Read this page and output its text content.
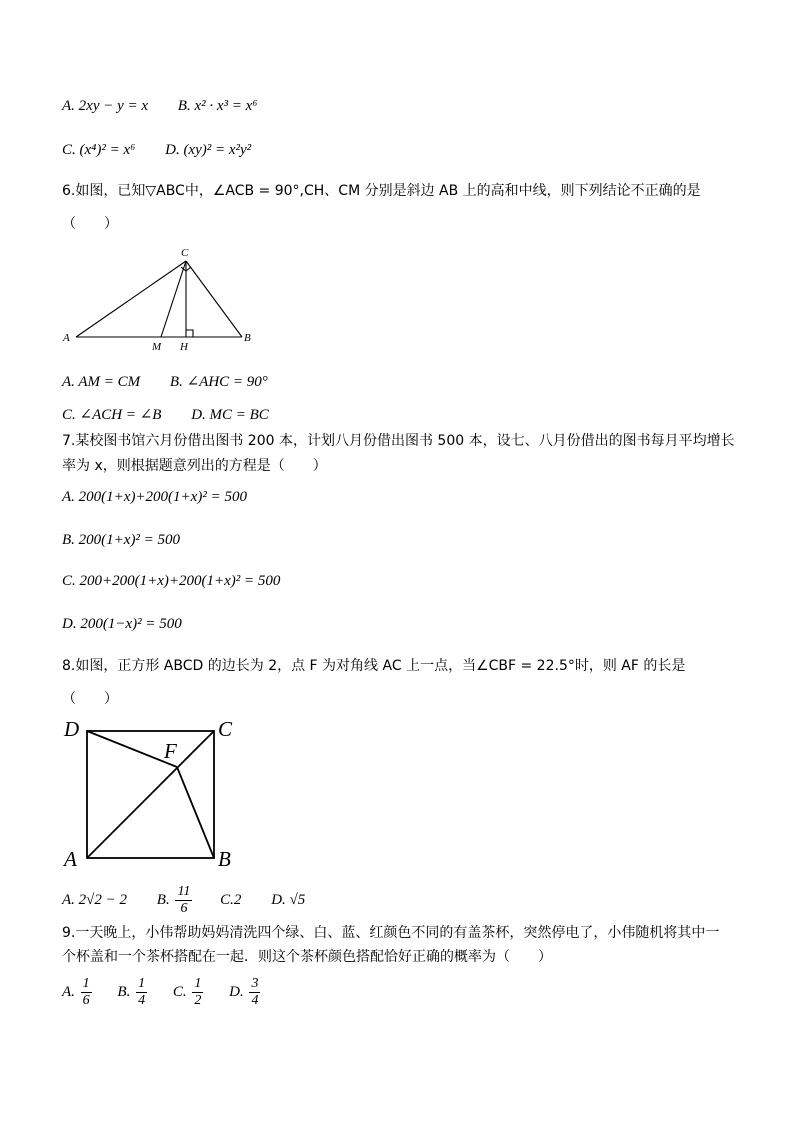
A. 2xy − y = x B. x² · x³ = x⁶
C. (x⁴)² = x⁶ D. (xy)² = x²y²
6.如图，已知▽ABC中，∠ACB = 90°,CH、CM 分别是斜边 AB 上的高和中线，则下列结论不正确的是
（　　）
C
A	B
M H
A. AM = CM B. ∠AHC = 90°
C. ∠ACH = ∠B D. MC = BC
7.某校图书馆六月份借出图书 200 本，计划八月份借出图书 500 本，设七、八月份借出的图书每月平均增长
率为 x，则根据题意列出的方程是（　　）
A. 200(1+x)+200(1+x)² = 500
B. 200(1+x)² = 500
C. 200+200(1+x)+200(1+x)² = 500
D. 200(1−x)² = 500
8.如图，正方形 ABCD 的边长为 2，点 F 为对角线 AC 上一点，当∠CBF = 22.5°时，则 AF 的长是
（　　）
D	C
F
A	B
A. 2√2 − 2 B. $\frac{11}{6} C.2$ D. √5
9.一天晚上，小伟帮助妈妈清洗四个绿、白、蓝、红颜色不同的有盖茶杯，突然停电了，小伟随机将其中一
个杯盖和一个茶杯搭配在一起．则这个茶杯颜色搭配恰好正确的概率为（　　）
A. $\frac{1}{6} B$. $\frac{1}{4} C$. $\frac{1}{2} D$. $\frac{3}{4}$
